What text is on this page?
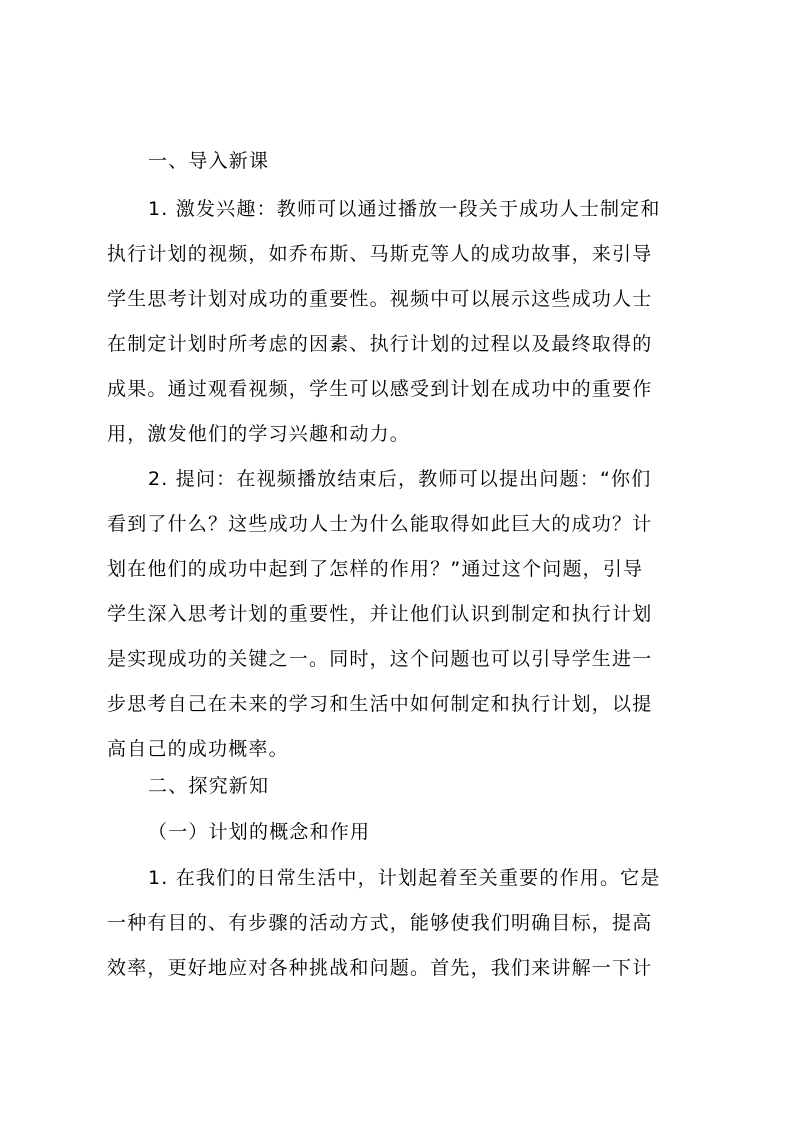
一、导入新课
1. 激发兴趣：教师可以通过播放一段关于成功人士制定和
执行计划的视频，如乔布斯、马斯克等人的成功故事，来引导
学生思考计划对成功的重要性。视频中可以展示这些成功人士
在制定计划时所考虑的因素、执行计划的过程以及最终取得的
成果。通过观看视频，学生可以感受到计划在成功中的重要作
用，激发他们的学习兴趣和动力。
2. 提问：在视频播放结束后，教师可以提出问题：“你们
看到了什么？这些成功人士为什么能取得如此巨大的成功？计
划在他们的成功中起到了怎样的作用？”通过这个问题，引导
学生深入思考计划的重要性，并让他们认识到制定和执行计划
是实现成功的关键之一。同时，这个问题也可以引导学生进一
步思考自己在未来的学习和生活中如何制定和执行计划，以提
高自己的成功概率。
二、探究新知
（一）计划的概念和作用
1. 在我们的日常生活中，计划起着至关重要的作用。它是
一种有目的、有步骤的活动方式，能够使我们明确目标，提高
效率，更好地应对各种挑战和问题。首先，我们来讲解一下计
